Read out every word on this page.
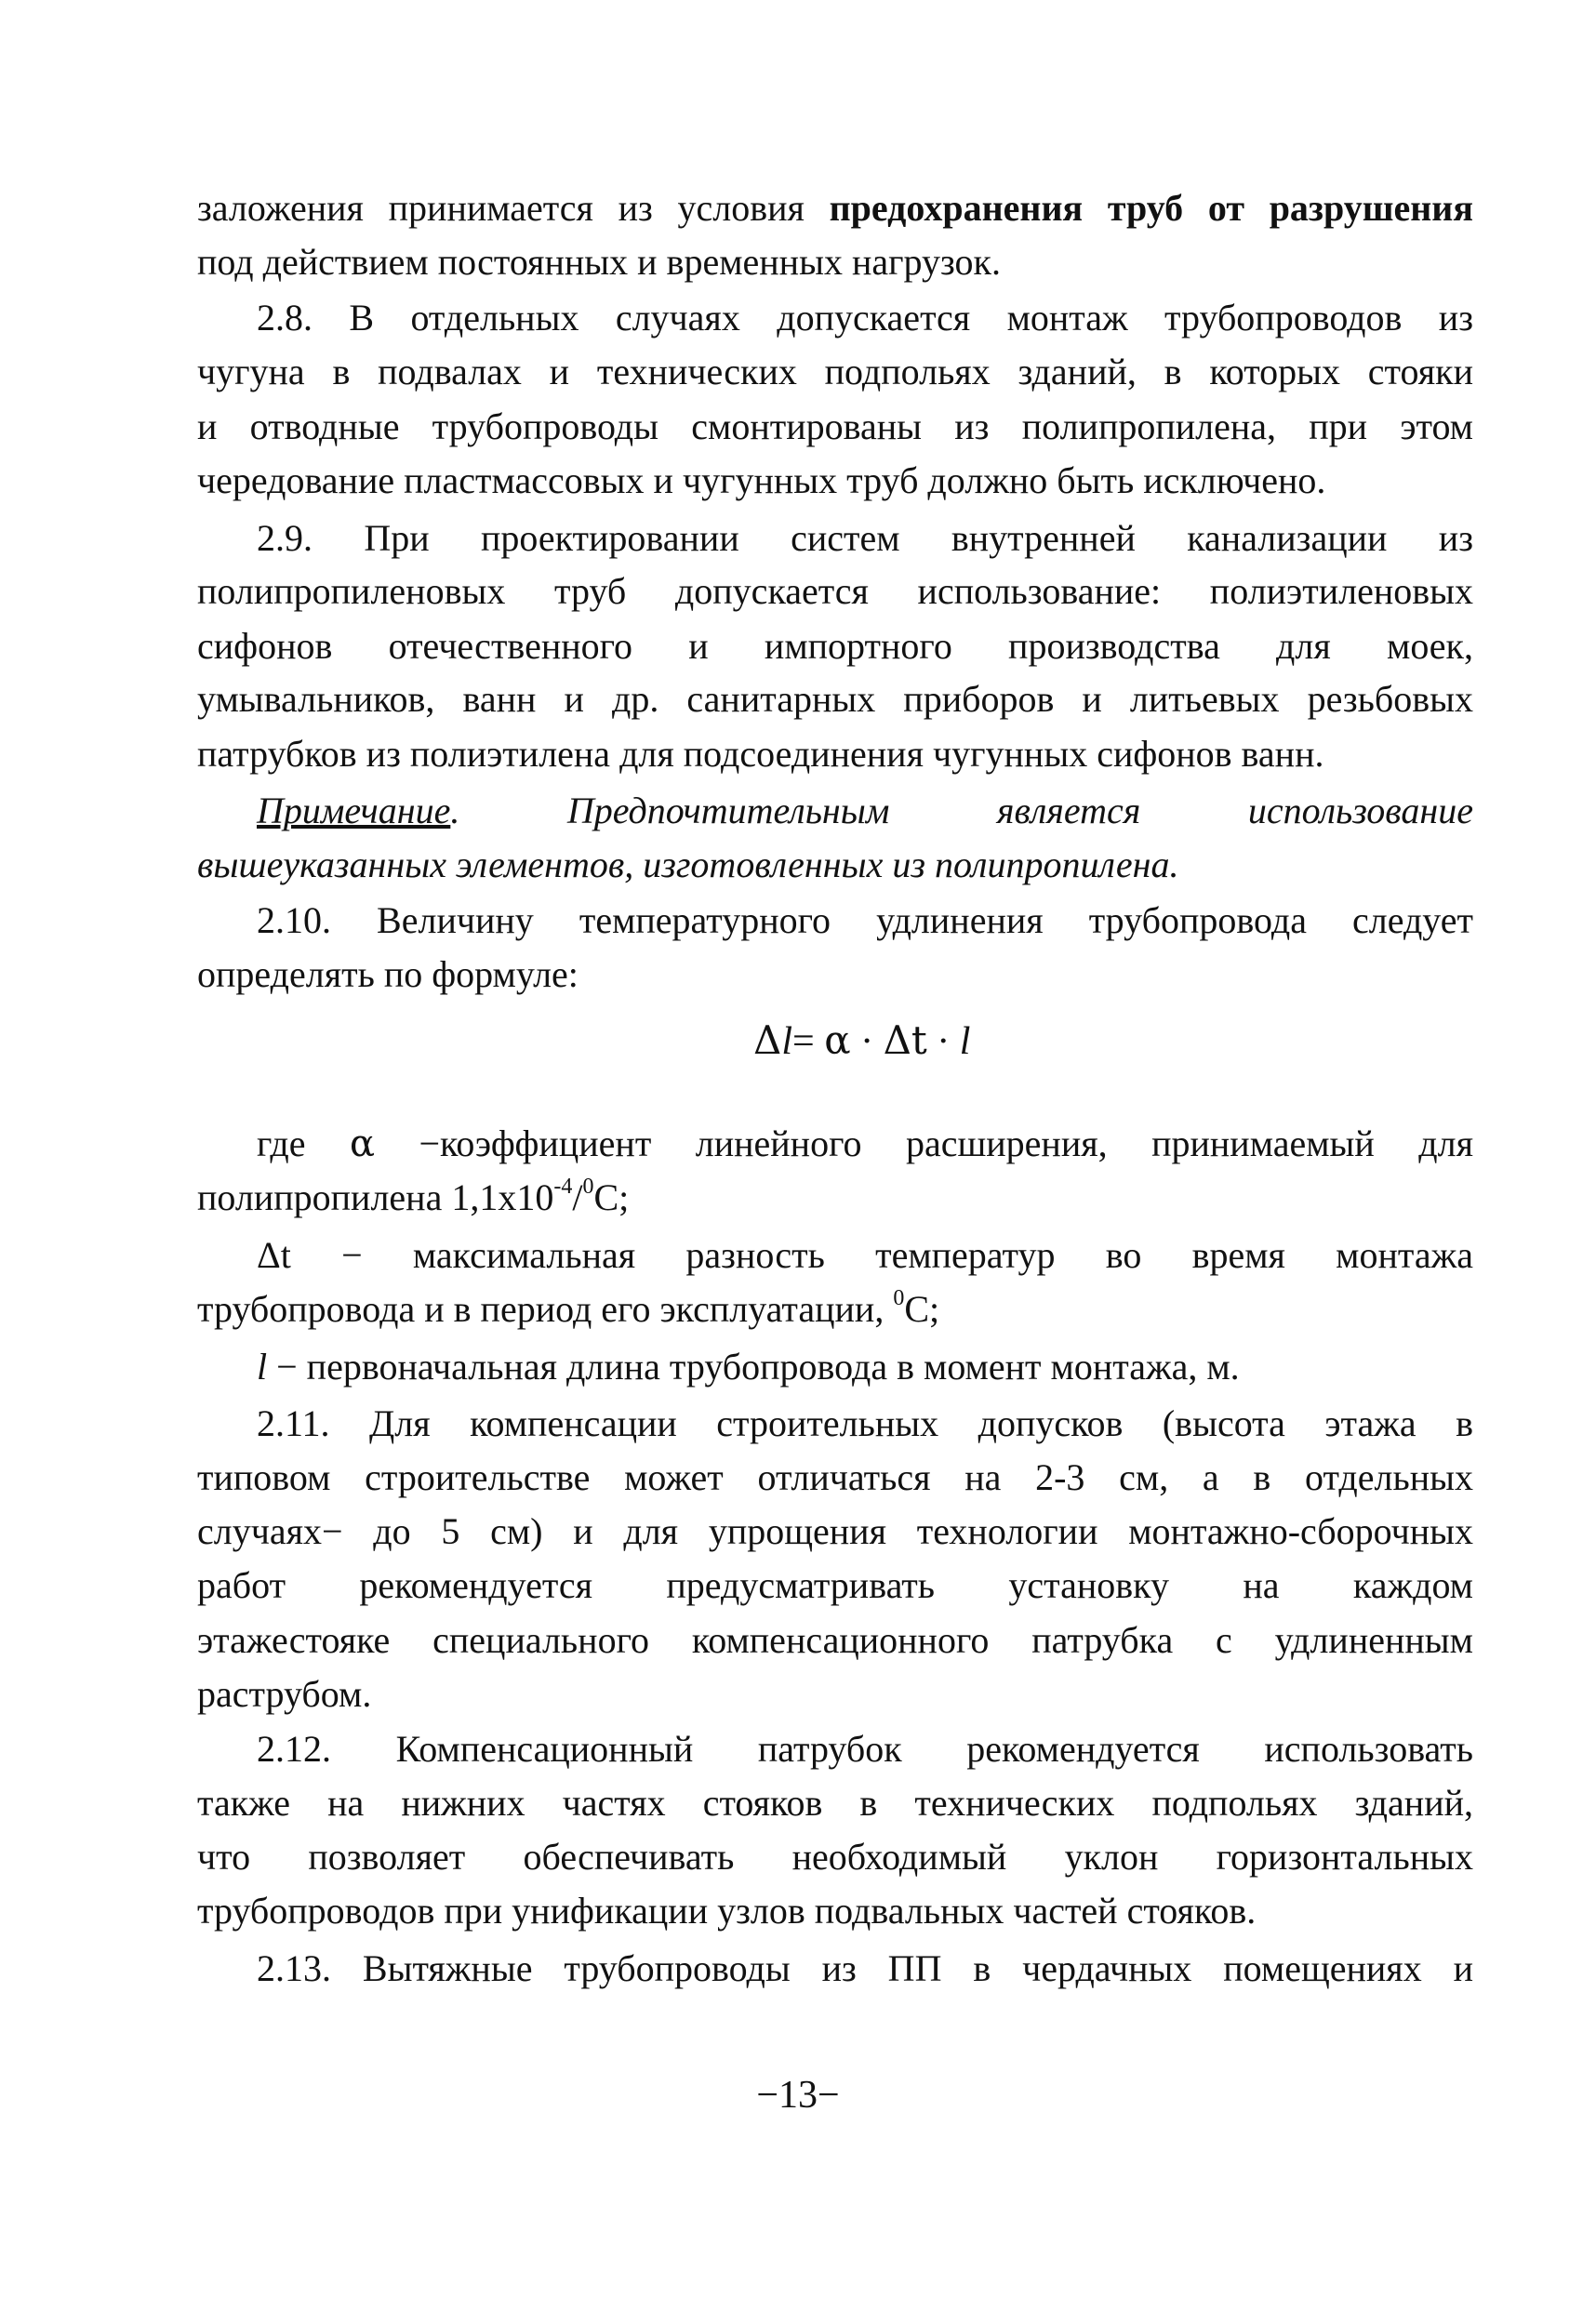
заложения принимается из условия предохранения труб от разрушения
под действием постоянных и временных нагрузок.
2.8. В отдельных случаях допускается монтаж трубопроводов из
чугуна в подвалах и технических подпольях зданий, в которых стояки
и отводные трубопроводы смонтированы из полипропилена, при этом
чередование пластмассовых и чугунных труб должно быть исключено.
2.9. При проектировании систем внутренней канализации из
полипропиленовых труб допускается использование: полиэтиленовых
сифонов отечественного и импортного производства для моек,
умывальников, ванн и др. санитарных приборов и литьевых резьбовых
патрубков из полиэтилена для подсоединения чугунных сифонов ванн.
Примечание. Предпочтительным является использование
вышеуказанных элементов, изготовленных из полипропилена.
2.10. Величину температурного удлинения трубопровода следует
определять по формуле:
Δl= α · Δt · l
где α −коэффициент линейного расширения, принимаемый для
полипропилена $1,1x10^{-4}/^0C$;
Δt − максимальная разность температур во время монтажа
трубопровода и в период его эксплуатации, $^0$C;
l − первоначальная длина трубопровода в момент монтажа, м.
2.11. Для компенсации строительных допусков (высота этажа в
типовом строительстве может отличаться на 2-3 см, а в отдельных
случаях− до 5 см) и для упрощения технологии монтажно-сборочных
работ рекомендуется предусматривать установку на каждом
этажестояке специального компенсационного патрубка с удлиненным
раструбом.
2.12. Компенсационный патрубок рекомендуется использовать
также на нижних частях стояков в технических подпольях зданий,
что позволяет обеспечивать необходимый уклон горизонтальных
трубопроводов при унификации узлов подвальных частей стояков.
2.13. Вытяжные трубопроводы из ПП в чердачных помещениях и
−13−
